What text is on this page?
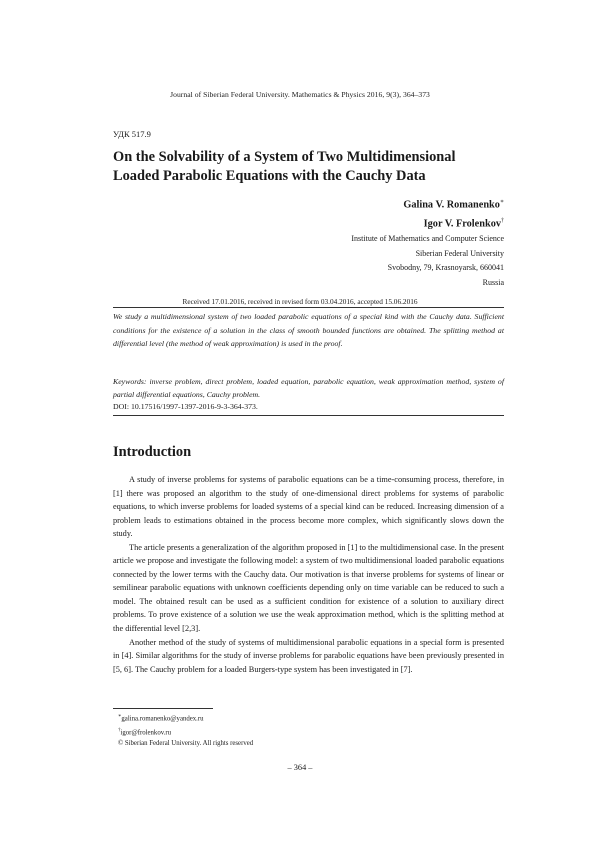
Journal of Siberian Federal University. Mathematics & Physics 2016, 9(3), 364–373
УДК 517.9
On the Solvability of a System of Two Multidimensional
Loaded Parabolic Equations with the Cauchy Data
Galina V. Romanenko∗
Igor V. Frolenkov†
Institute of Mathematics and Computer Science
Siberian Federal University
Svobodny, 79, Krasnoyarsk, 660041
Russia
Received 17.01.2016, received in revised form 03.04.2016, accepted 15.06.2016

We study a multidimensional system of two loaded parabolic equations of a special kind with the Cauchy data. Sufficient conditions for the existence of a solution in the class of smooth bounded functions are obtained. The splitting method at differential level (the method of weak approximation) is used in the proof.

Keywords: inverse problem, direct problem, loaded equation, parabolic equation, weak approximation method, system of partial differential equations, Cauchy problem.

DOI: 10.17516/1997-1397-2016-9-3-364-373.
Introduction

A study of inverse problems for systems of parabolic equations can be a time-consuming process, therefore, in [1] there was proposed an algorithm to the study of one-dimensional direct problems for systems of parabolic equations, to which inverse problems for loaded systems of a special kind can be reduced. Increasing dimension of a problem leads to estimations obtained in the process become more complex, which significantly slows down the study.

The article presents a generalization of the algorithm proposed in [1] to the multidimensional case. In the present article we propose and investigate the following model: a system of two multidimensional loaded parabolic equations connected by the lower terms with the Cauchy data. Our motivation is that inverse problems for systems of linear or semilinear parabolic equations with unknown coefficients depending only on time variable can be reduced to such a model. The obtained result can be used as a sufficient condition for existence of a solution to auxiliary direct problems. To prove existence of a solution we use the weak approximation method, which is the splitting method at the differential level [2,3].

Another method of the study of systems of multidimensional parabolic equations in a special form is presented in [4]. Similar algorithms for the study of inverse problems for parabolic equations have been previously presented in [5, 6]. The Cauchy problem for a loaded Burgers-type system has been investigated in [7].

∗galina.romanenko@yandex.ru
†igor@frolenkov.ru
© Siberian Federal University. All rights reserved
– 364 –
